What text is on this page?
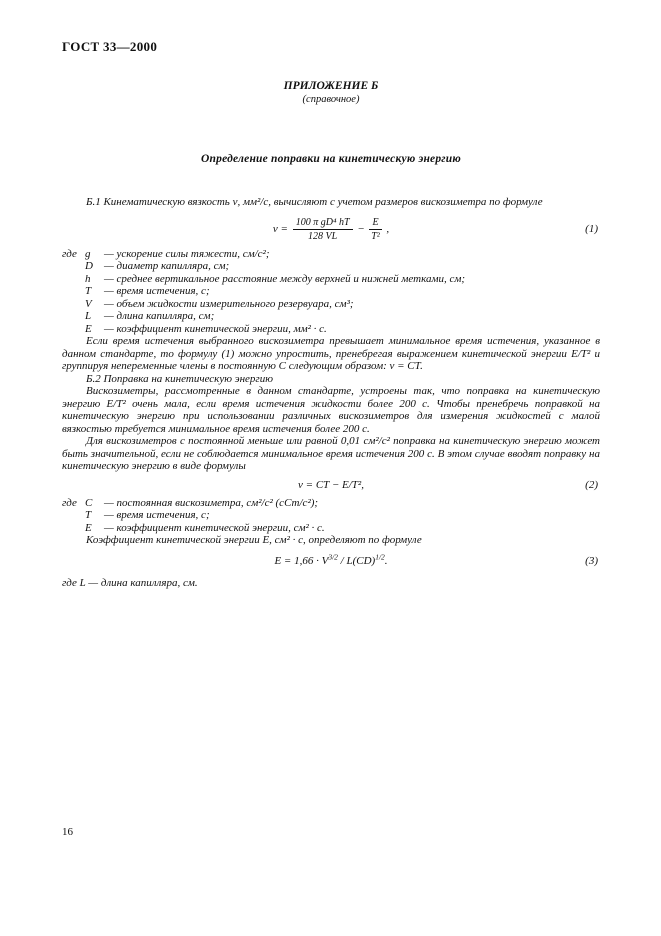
ГОСТ 33—2000
ПРИЛОЖЕНИЕ Б
(справочное)
Определение поправки на кинетическую энергию

Б.1 Кинематическую вязкость ν, мм²/с, вычисляют с учетом размеров вискозиметра по формуле

$\nu = \frac{\text{100 π gD⁴ hT}}{128 VL} - \frac{E}{\text{T²}}$ ,	(1)
где g	— ускорение силы тяжести, см/с²;
D	— диаметр капилляра, см;
h	— среднее вертикальное расстояние между верхней и нижней метками, см;
T	— время истечения, с;
V	— объем жидкости измерительного резервуара, см³;
L	— длина капилляра, см;
E	— коэффициент кинетической энергии, мм² · с.

Если время истечения выбранного вискозиметра превышает минимальное время истечения, указанное в данном стандарте, то формулу (1) можно упростить, пренебрегая выражением кинетической энергии E/T² и группируя непеременные члены в постоянную С следующим образом: ν = СТ.

Б.2 Поправка на кинетическую энергию

Вискозиметры, рассмотренные в данном стандарте, устроены так, что поправка на кинетическую энергию E/T² очень мала, если время истечения жидкости более 200 с. Чтобы пренебречь поправкой на кинетическую энергию при использовании различных вискозиметров для измерения жидкостей с малой вязкостью требуется минимальное время истечения более 200 с.

Для вискозиметров с постоянной меньше или равной 0,01 см²/с² поправка на кинетическую энергию может быть значительной, если не соблюдается минимальное время истечения 200 с. В этом случае вводят поправку на кинетическую энергию в виде формулы

ν = CT − E/T²,	(2)
где C	— постоянная вискозиметра, см²/с² (сСт/с²);
T	— время истечения, с;
E	— коэффициент кинетической энергии, см² · с.

Коэффициент кинетической энергии E, см² · с, определяют по формуле

$E = 1,66 \cdot V^{3/2} / L(CD)^{1/2}$.	(3)

где L — длина капилляра, см.

16
